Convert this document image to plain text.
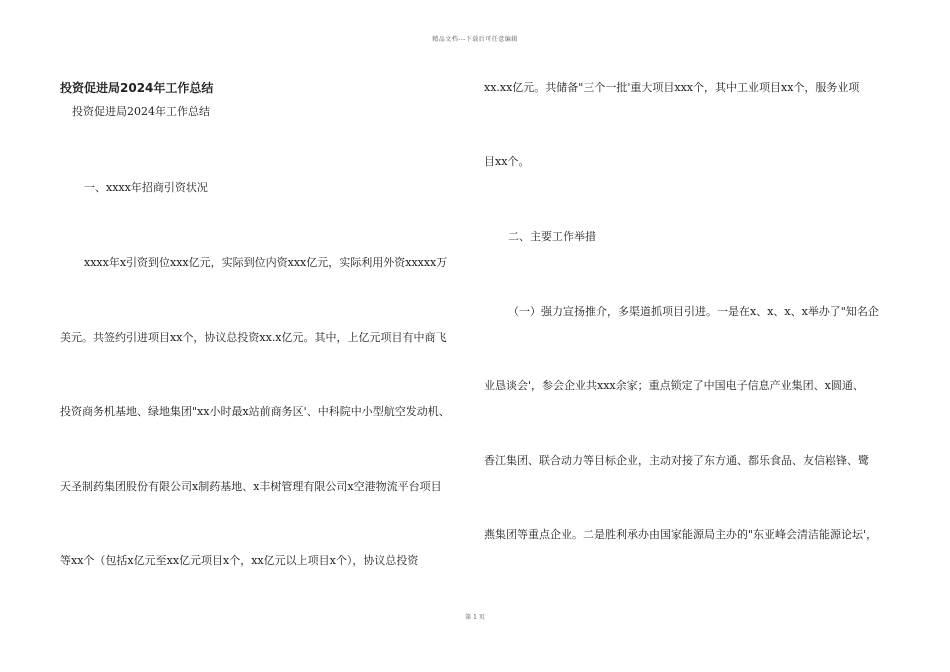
精品文档---下载后可任意编辑
投资促进局2024年工作总结
投资促进局2024年工作总结
一、xxxx年招商引资状况
xxxx年x引资到位xxx亿元，实际到位内资xxx亿元，实际利用外资xxxxx万
美元。共签约引进项目xx个，协议总投资xx.x亿元。其中，上亿元项目有中商飞
投资商务机基地、绿地集团"xx小时最x站前商务区'、中科院中小型航空发动机、
天圣制药集团股份有限公司x制药基地、x丰树管理有限公司x空港物流平台项目
等xx个（包括x亿元至xx亿元项目x个，xx亿元以上项目x个），协议总投资
xx.xx亿元。共储备"三个一批'重大项目xxx个，其中工业项目xx个，服务业项
目xx个。
二、主要工作举措
（一）强力宣扬推介，多渠道抓项目引进。一是在x、x、x、x举办了"知名企
业恳谈会'，参会企业共xxx余家；重点锁定了中国电子信息产业集团、x圆通、
香江集团、联合动力等目标企业，主动对接了东方通、都乐食品、友信崧锋、鹭
燕集团等重点企业。二是胜利承办由国家能源局主办的"东亚峰会清洁能源论坛'，
第 1 页
